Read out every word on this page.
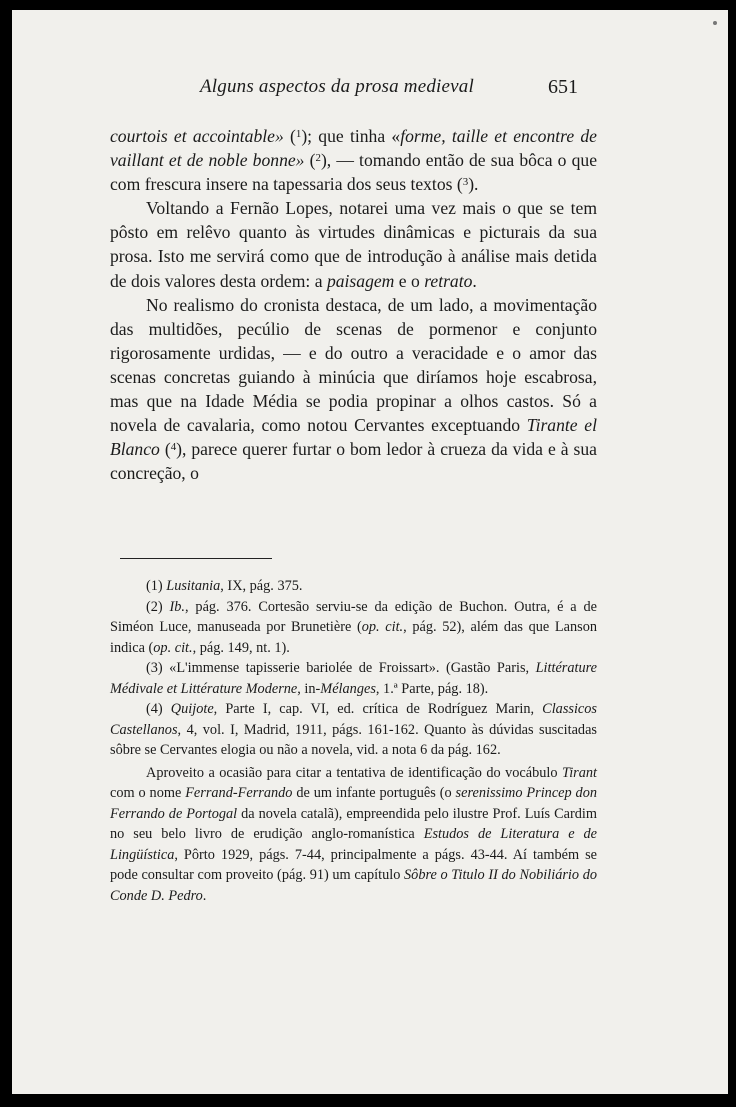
Alguns aspectos da prosa medieval	651

courtois et accointable» ($^1$); que tinha «forme, taille et encontre de vaillant et de noble bonne» ($^2$), — tomando então de sua bôca o que com frescura insere na tapessaria dos seus textos ($^3$).

Voltando a Fernão Lopes, notarei uma vez mais o que se tem pôsto em relêvo quanto às virtudes dinâmicas e picturais da sua prosa. Isto me servirá como que de introdução à análise mais detida de dois valores desta ordem: a paisagem e o retrato.

No realismo do cronista destaca, de um lado, a movimentação das multidões, pecúlio de scenas de pormenor e conjunto rigorosamente urdidas, — e do outro a veracidade e o amor das scenas concretas guiando à minúcia que diríamos hoje escabrosa, mas que na Idade Média se podia propinar a olhos castos. Só a novela de cavalaria, como notou Cervantes exceptuando Tirante el Blanco ($^4$), parece querer furtar o bom ledor à crueza da vida e à sua concreção, o

(1) Lusitania, IX, pág. 375.

(2) Ib., pág. 376. Cortesão serviu-se da edição de Buchon. Outra, é a de Siméon Luce, manuseada por Brunetière (op. cit., pág. 52), além das que Lanson indica (op. cit., pág. 149, nt. 1).

(3) «L'immense tapisserie bariolée de Froissart». (Gastão Paris, Littérature Médivale et Littérature Moderne, in-Mélanges, 1.ª Parte, pág. 18).

(4) Quijote, Parte I, cap. VI, ed. crítica de Rodríguez Marin, Classicos Castellanos, 4, vol. I, Madrid, 1911, págs. 161-162. Quanto às dúvidas suscitadas sôbre se Cervantes elogia ou não a novela, vid. a nota 6 da pág. 162.

Aproveito a ocasião para citar a tentativa de identificação do vocábulo Tirant com o nome Ferrand-Ferrando de um infante português (o serenissimo Princep don Ferrando de Portogal da novela catalã), empreendida pelo ilustre Prof. Luís Cardim no seu belo livro de erudição anglo-romanística Estudos de Literatura e de Lingüística, Pôrto 1929, págs. 7-44, principalmente a págs. 43-44. Aí também se pode consultar com proveito (pág. 91) um capítulo Sôbre o Titulo II do Nobiliário do Conde D. Pedro.
